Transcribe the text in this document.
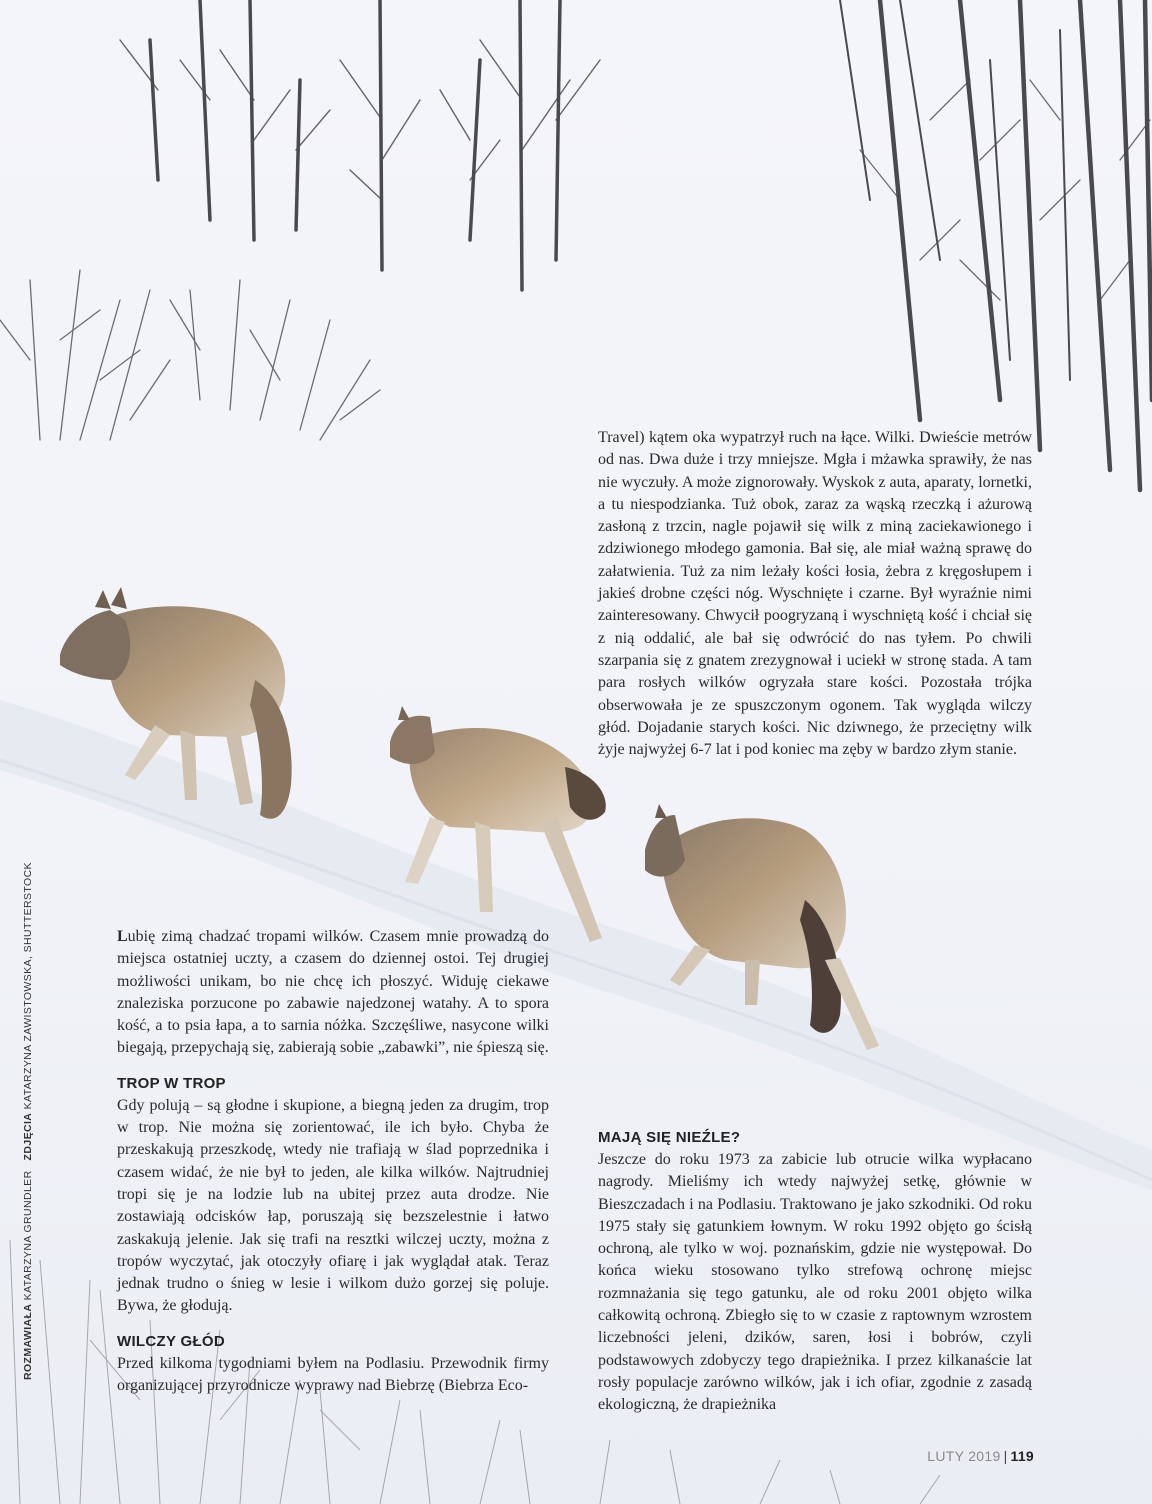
Travel) kątem oka wypatrzył ruch na łące. Wilki. Dwieście metrów od nas. Dwa duże i trzy mniejsze. Mgła i mżawka sprawiły, że nas nie wyczuły. A może zignorowały. Wyskok z auta, aparaty, lornetki, a tu niespodzianka. Tuż obok, zaraz za wąską rzeczką i ażurową zasłoną z trzcin, nagle pojawił się wilk z miną zaciekawionego i zdziwionego młodego gamonia. Bał się, ale miał ważną sprawę do załatwienia. Tuż za nim leżały kości łosia, żebra z kręgosłupem i jakieś drobne części nóg. Wyschnięte i czarne. Był wyraźnie nimi zainteresowany. Chwycił poogryzaną i wyschniętą kość i chciał się z nią oddalić, ale bał się odwrócić do nas tyłem. Po chwili szarpania się z gnatem zrezygnował i uciekł w stronę stada. A tam para rosłych wilków ogryzała stare kości. Pozostała trójka obserwowała je ze spuszczonym ogonem. Tak wygląda wilczy głód. Dojadanie starych kości. Nic dziwnego, że przeciętny wilk żyje najwyżej 6-7 lat i pod koniec ma zęby w bardzo złym stanie.

Lubię zimą chadzać tropami wilków. Czasem mnie prowadzą do miejsca ostatniej uczty, a czasem do dziennej ostoi. Tej drugiej możliwości unikam, bo nie chcę ich płoszyć. Widuję ciekawe znaleziska porzucone po zabawie najedzonej watahy. A to spora kość, a to psia łapa, a to sarnia nóżka. Szczęśliwe, nasycone wilki biegają, przepychają się, zabierają sobie „zabawki”, nie śpieszą się.

TROP W TROP

Gdy polują – są głodne i skupione, a biegną jeden za drugim, trop w trop. Nie można się zorientować, ile ich było. Chyba że przeskakują przeszkodę, wtedy nie trafiają w ślad poprzednika i czasem widać, że nie był to jeden, ale kilka wilków. Najtrudniej tropi się je na lodzie lub na ubitej przez auta drodze. Nie zostawiają odcisków łap, poruszają się bezszelestnie i łatwo zaskakują jelenie. Jak się trafi na resztki wilczej uczty, można z tropów wyczytać, jak otoczyły ofiarę i jak wyglądał atak. Teraz jednak trudno o śnieg w lesie i wilkom dużo gorzej się poluje. Bywa, że głodują.

WILCZY GŁÓD

Przed kilkoma tygodniami byłem na Podlasiu. Przewodnik firmy organizującej przyrodnicze wyprawy nad Biebrzę (Biebrza Eco-

MAJĄ SIĘ NIEŹLE?

Jeszcze do roku 1973 za zabicie lub otrucie wilka wypłacano nagrody. Mieliśmy ich wtedy najwyżej setkę, głównie w Bieszczadach i na Podlasiu. Traktowano je jako szkodniki. Od roku 1975 stały się gatunkiem łownym. W roku 1992 objęto go ścisłą ochroną, ale tylko w woj. poznańskim, gdzie nie występował. Do końca wieku stosowano tylko strefową ochronę miejsc rozmnażania się tego gatunku, ale od roku 2001 objęto wilka całkowitą ochroną. Zbiegło się to w czasie z raptownym wzrostem liczebności jeleni, dzików, saren, łosi i bobrów, czyli podstawowych zdobyczy tego drapieżnika. I przez kilkanaście lat rosły populacje zarówno wilków, jak i ich ofiar, zgodnie z zasadą ekologiczną, że drapieżnika

ROZMAWIAŁA KATARZYNA GRUNDLER   ZDJĘCIA KATARZYNA ZAWISTOWSKA, SHUTTERSTOCK
LUTY 2019 | 119
